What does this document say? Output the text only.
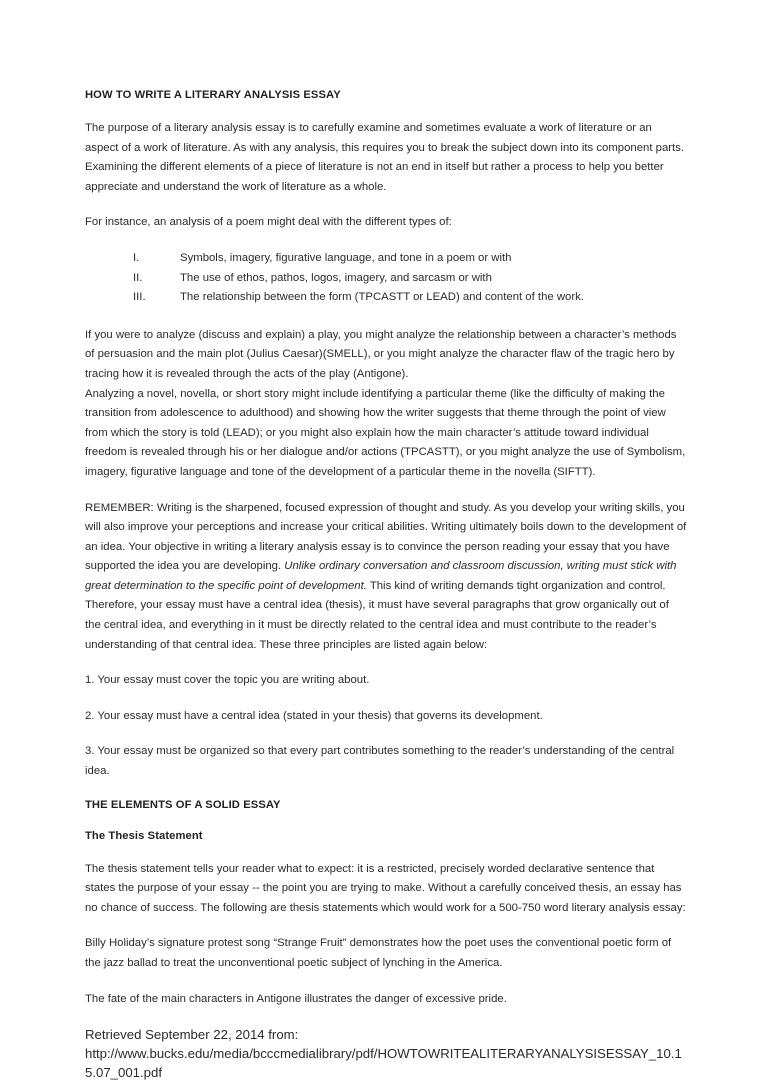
HOW TO WRITE A LITERARY ANALYSIS ESSAY

The purpose of a literary analysis essay is to carefully examine and sometimes evaluate a work of literature or an aspect of a work of literature. As with any analysis, this requires you to break the subject down into its component parts. Examining the different elements of a piece of literature is not an end in itself but rather a process to help you better appreciate and understand the work of literature as a whole.

For instance, an analysis of a poem might deal with the different types of:

I.	Symbols, imagery, figurative language, and tone in a poem or with
II.	The use of ethos, pathos, logos, imagery, and sarcasm or with
III.	The relationship between the form (TPCASTT or LEAD) and content of the work.

If you were to analyze (discuss and explain) a play, you might analyze the relationship between a character’s methods of persuasion and the main plot (Julius Caesar)(SMELL), or you might analyze the character flaw of the tragic hero by tracing how it is revealed through the acts of the play (Antigone).

Analyzing a novel, novella, or short story might include identifying a particular theme (like the difficulty of making the transition from adolescence to adulthood) and showing how the writer suggests that theme through the point of view from which the story is told (LEAD); or you might also explain how the main character’s attitude toward individual freedom is revealed through his or her dialogue and/or actions (TPCASTT), or you might analyze the use of Symbolism, imagery, figurative language and tone of the development of a particular theme in the novella (SIFTT).

REMEMBER: Writing is the sharpened, focused expression of thought and study. As you develop your writing skills, you will also improve your perceptions and increase your critical abilities. Writing ultimately boils down to the development of an idea. Your objective in writing a literary analysis essay is to convince the person reading your essay that you have supported the idea you are developing. Unlike ordinary conversation and classroom discussion, writing must stick with great determination to the specific point of development. This kind of writing demands tight organization and control. Therefore, your essay must have a central idea (thesis), it must have several paragraphs that grow organically out of the central idea, and everything in it must be directly related to the central idea and must contribute to the reader’s understanding of that central idea. These three principles are listed again below:

1. Your essay must cover the topic you are writing about.

2. Your essay must have a central idea (stated in your thesis) that governs its development.

3. Your essay must be organized so that every part contributes something to the reader’s understanding of the central idea.

THE ELEMENTS OF A SOLID ESSAY
The Thesis Statement

The thesis statement tells your reader what to expect: it is a restricted, precisely worded declarative sentence that states the purpose of your essay -- the point you are trying to make. Without a carefully conceived thesis, an essay has no chance of success. The following are thesis statements which would work for a 500-750 word literary analysis essay:

Billy Holiday’s signature protest song “Strange Fruit” demonstrates how the poet uses the conventional poetic form of the jazz ballad to treat the unconventional poetic subject of lynching in the America.

The fate of the main characters in Antigone illustrates the danger of excessive pride.

Retrieved September 22, 2014 from:
http://www.bucks.edu/media/bcccmedialibrary/pdf/HOWTOWRITEALITERARYANALYSISESSAY_10.15.07_001.pdf
